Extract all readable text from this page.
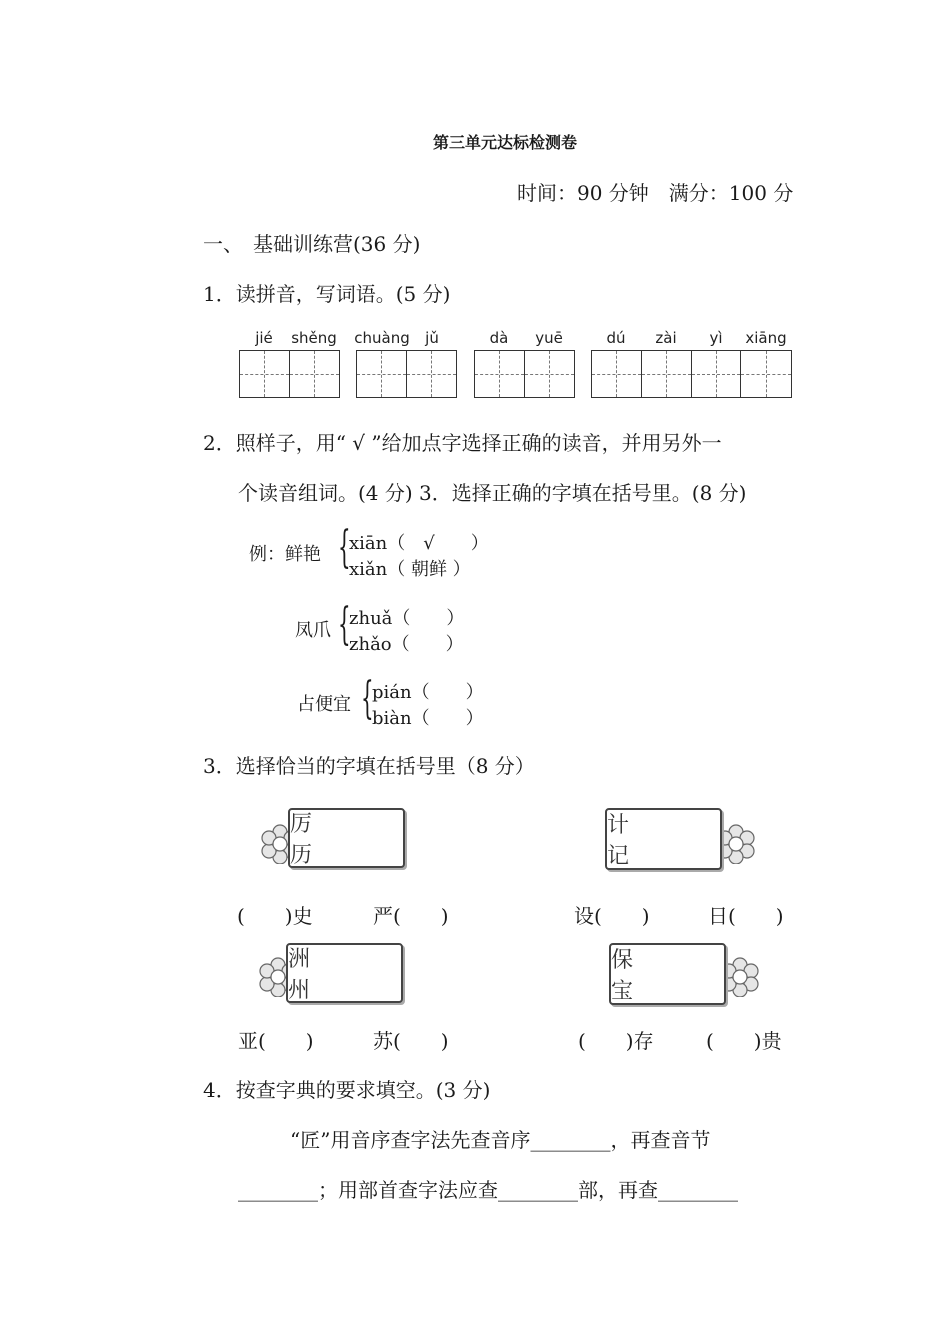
第三单元达标检测卷
时间：90 分钟　满分：100 分
一、　基础训练营(36 分)
1．读拼音，写词语。(5 分)
jié	shěng chuàng	jǔ	dà	yuē	dú	zài	yì	xiāng
2．照样子，用“ √ ”给加点字选择正确的读音，并用另外一
个读音组词。(4 分) 3．选择正确的字填在括号里。(8 分)
例：鲜艳 {
xiān（　√　　）
xiǎn（ 朝鲜 ）
凤爪 {
zhuǎ（　　）
zhǎo（　　）
占便宜 {
pián（　　）
biàn（　　）
3．选择恰当的字填在括号里（8 分）
厉　历
计　记
(　　)史	严(　　)	设(　　)	日(　　)
洲　州
保　宝
亚(　　)	苏(　　)	(　　)存	(　　)贵
4．按查字典的要求填空。(3 分)
“匠”用音序查字法先查音序________，再查音节
________；用部首查字法应查________部，再查________
